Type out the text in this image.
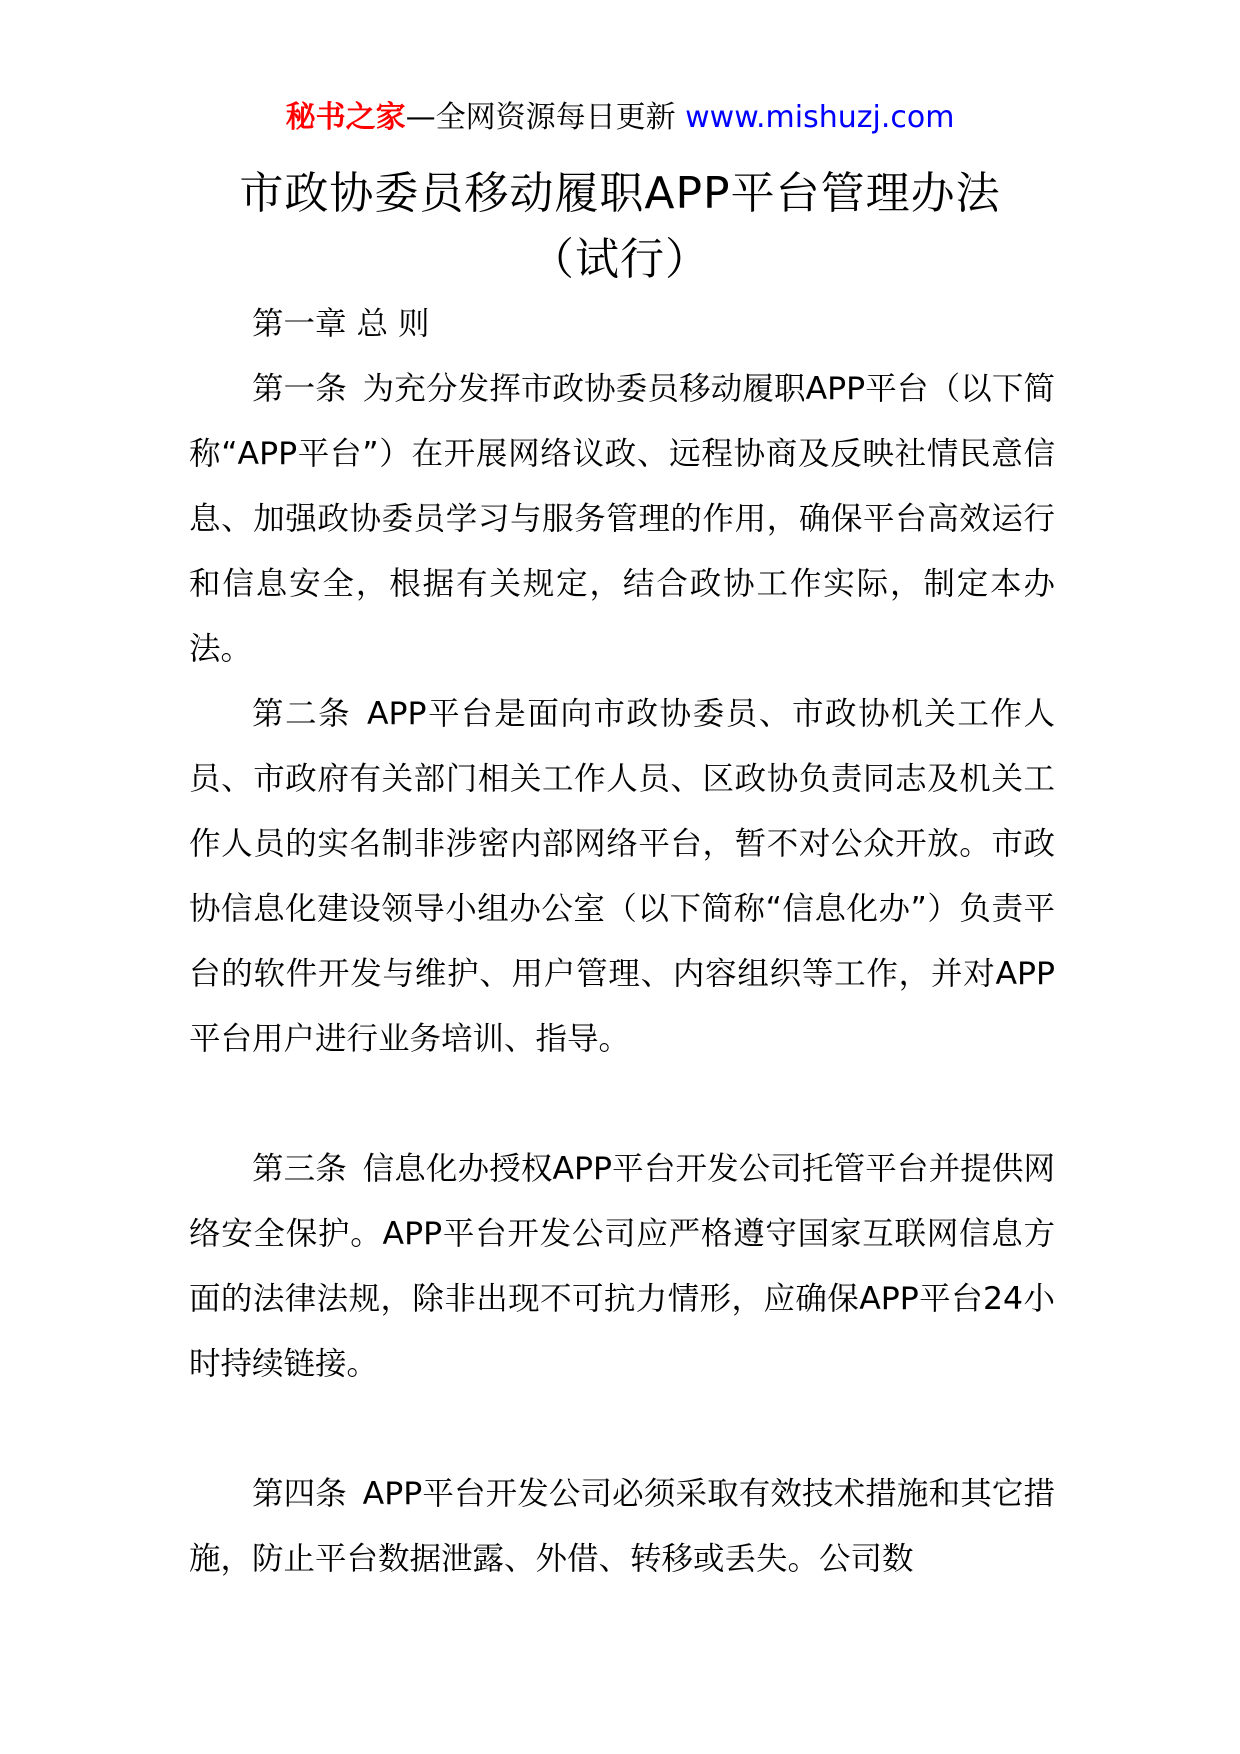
秘书之家—全网资源每日更新 www.mishuzj.com
市政协委员移动履职APP平台管理办法
（试行）

第一章 总 则

第一条 为充分发挥市政协委员移动履职APP平台（以下简称“APP平台”）在开展网络议政、远程协商及反映社情民意信息、加强政协委员学习与服务管理的作用，确保平台高效运行和信息安全，根据有关规定，结合政协工作实际，制定本办法。

第二条 APP平台是面向市政协委员、市政协机关工作人员、市政府有关部门相关工作人员、区政协负责同志及机关工作人员的实名制非涉密内部网络平台，暂不对公众开放。市政协信息化建设领导小组办公室（以下简称“信息化办”）负责平台的软件开发与维护、用户管理、内容组织等工作，并对APP平台用户进行业务培训、指导。

第三条 信息化办授权APP平台开发公司托管平台并提供网络安全保护。APP平台开发公司应严格遵守国家互联网信息方面的法律法规，除非出现不可抗力情形，应确保APP平台24小时持续链接。

第四条 APP平台开发公司必须采取有效技术措施和其它措施，防止平台数据泄露、外借、转移或丢失。公司数
